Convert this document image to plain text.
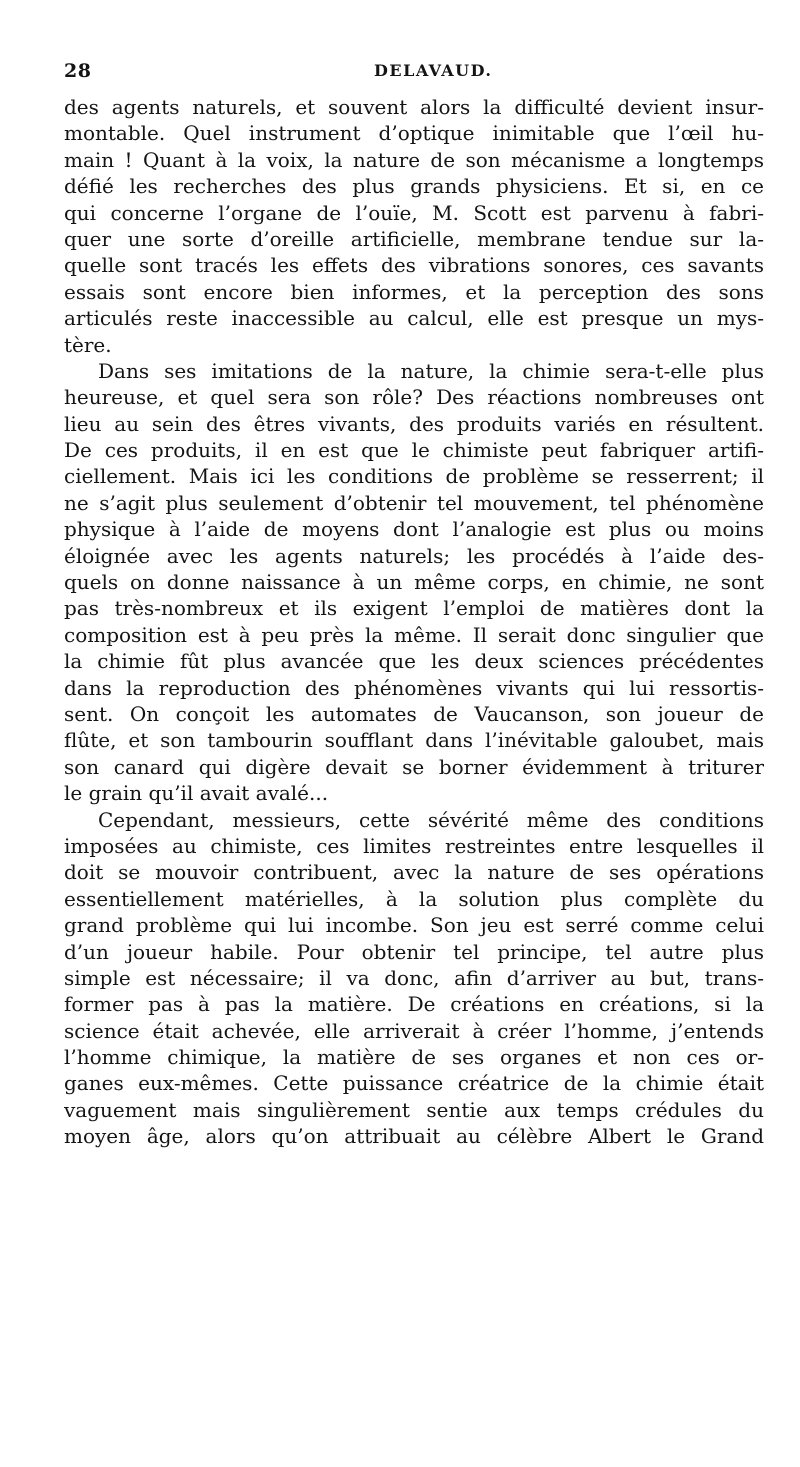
28	DELAVAUD.
des agents naturels, et souvent alors la difficulté devient insur-
montable. Quel instrument d’optique inimitable que l’œil hu-
main ! Quant à la voix, la nature de son mécanisme a longtemps
défié les recherches des plus grands physiciens. Et si, en ce
qui concerne l’organe de l’ouïe, M. Scott est parvenu à fabri-
quer une sorte d’oreille artificielle, membrane tendue sur la-
quelle sont tracés les effets des vibrations sonores, ces savants
essais sont encore bien informes, et la perception des sons
articulés reste inaccessible au calcul, elle est presque un mys-
tère.
Dans ses imitations de la nature, la chimie sera-t-elle plus
heureuse, et quel sera son rôle? Des réactions nombreuses ont
lieu au sein des êtres vivants, des produits variés en résultent.
De ces produits, il en est que le chimiste peut fabriquer artifi-
ciellement. Mais ici les conditions de problème se resserrent; il
ne s’agit plus seulement d’obtenir tel mouvement, tel phénomène
physique à l’aide de moyens dont l’analogie est plus ou moins
éloignée avec les agents naturels; les procédés à l’aide des-
quels on donne naissance à un même corps, en chimie, ne sont
pas très-nombreux et ils exigent l’emploi de matières dont la
composition est à peu près la même. Il serait donc singulier que
la chimie fût plus avancée que les deux sciences précédentes
dans la reproduction des phénomènes vivants qui lui ressortis-
sent. On conçoit les automates de Vaucanson, son joueur de
flûte, et son tambourin soufflant dans l’inévitable galoubet, mais
son canard qui digère devait se borner évidemment à triturer
le grain qu’il avait avalé...
Cependant, messieurs, cette sévérité même des conditions
imposées au chimiste, ces limites restreintes entre lesquelles il
doit se mouvoir contribuent, avec la nature de ses opérations
essentiellement matérielles, à la solution plus complète du
grand problème qui lui incombe. Son jeu est serré comme celui
d’un joueur habile. Pour obtenir tel principe, tel autre plus
simple est nécessaire; il va donc, afin d’arriver au but, trans-
former pas à pas la matière. De créations en créations, si la
science était achevée, elle arriverait à créer l’homme, j’entends
l’homme chimique, la matière de ses organes et non ces or-
ganes eux-mêmes. Cette puissance créatrice de la chimie était
vaguement mais singulièrement sentie aux temps crédules du
moyen âge, alors qu’on attribuait au célèbre Albert le Grand
